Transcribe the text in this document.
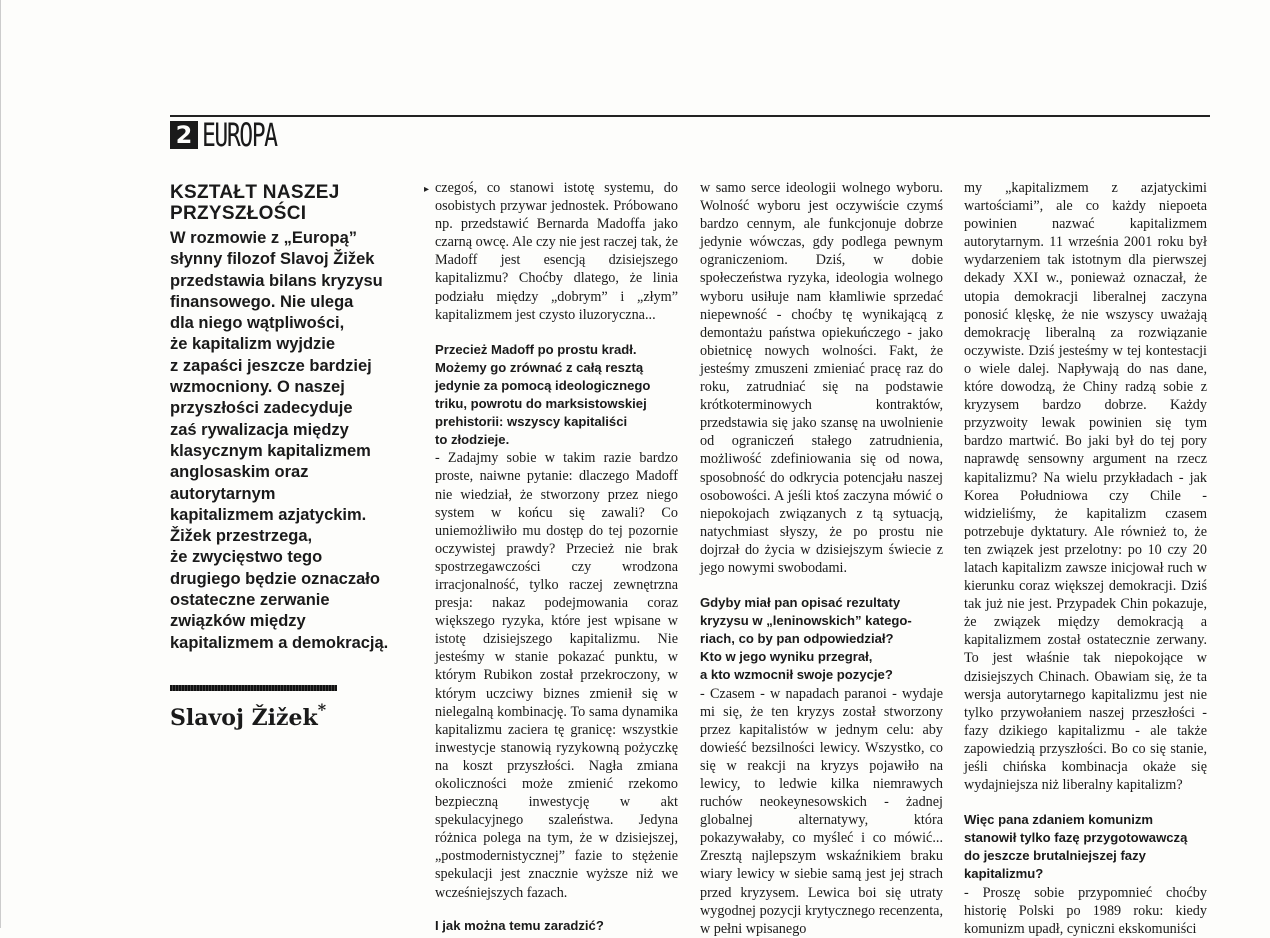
2 EUROPA
KSZTAŁT NASZEJ
PRZYSZŁOŚCI

W rozmowie z „Europą”
słynny filozof Slavoj Žižek
przedstawia bilans kryzysu
finansowego. Nie ulega
dla niego wątpliwości,
że kapitalizm wyjdzie
z zapaści jeszcze bardziej
wzmocniony. O naszej
przyszłości zadecyduje
zaś rywalizacja między
klasycznym kapitalizmem
anglosaskim oraz
autorytarnym
kapitalizmem azjatyckim.
Žižek przestrzega,
że zwycięstwo tego
drugiego będzie oznaczało
ostateczne zerwanie
związków między
kapitalizmem a demokracją.

Slavoj Žižek*
▸ czegoś, co stanowi istotę systemu, do osobistych przywar jednostek. Próbowano np. przedstawić Bernarda Madoffa jako czarną owcę. Ale czy nie jest raczej tak, że Madoff jest esencją dzisiejszego kapitalizmu? Choćby dlatego, że linia podziału między „dobrym” i „złym” kapitalizmem jest czysto iluzoryczna...

Przecież Madoff po prostu kradł.
Możemy go zrównać z całą resztą
jedynie za pomocą ideologicznego
triku, powrotu do marksistowskiej
prehistorii: wszyscy kapitaliści
to złodzieje.

- Zadajmy sobie w takim razie bardzo proste, naiwne pytanie: dlaczego Madoff nie wiedział, że stworzony przez niego system w końcu się zawali? Co uniemożliwiło mu dostęp do tej pozornie oczywistej prawdy? Przecież nie brak spostrzegawczości czy wrodzona irracjonalność, tylko raczej zewnętrzna presja: nakaz podejmowania coraz większego ryzyka, które jest wpisane w istotę dzisiejszego kapitalizmu. Nie jesteśmy w stanie pokazać punktu, w którym Rubikon został przekroczony, w którym uczciwy biznes zmienił się w nielegalną kombinację. To sama dynamika kapitalizmu zaciera tę granicę: wszystkie inwestycje stanowią ryzykowną pożyczkę na koszt przyszłości. Nagła zmiana okoliczności może zmienić rzekomo bezpieczną inwestycję w akt spekulacyjnego szaleństwa. Jedyna różnica polega na tym, że w dzisiejszej, „postmodernistycznej” fazie to stężenie spekulacji jest znacznie wyższe niż we wcześniejszych fazach.

I jak można temu zaradzić?

w samo serce ideologii wolnego wyboru. Wolność wyboru jest oczywiście czymś bardzo cennym, ale funkcjonuje dobrze jedynie wówczas, gdy podlega pewnym ograniczeniom. Dziś, w dobie społeczeństwa ryzyka, ideologia wolnego wyboru usiłuje nam kłamliwie sprzedać niepewność - choćby tę wynikającą z demontażu państwa opiekuńczego - jako obietnicę nowych wolności. Fakt, że jesteśmy zmuszeni zmieniać pracę raz do roku, zatrudniać się na podstawie krótkoterminowych kontraktów, przedstawia się jako szansę na uwolnienie od ograniczeń stałego zatrudnienia, możliwość zdefiniowania się od nowa, sposobność do odkrycia potencjału naszej osobowości. A jeśli ktoś zaczyna mówić o niepokojach związanych z tą sytuacją, natychmiast słyszy, że po prostu nie dojrzał do życia w dzisiejszym świecie z jego nowymi swobodami.

Gdyby miał pan opisać rezultaty
kryzysu w „leninowskich” katego-
riach, co by pan odpowiedział?
Kto w jego wyniku przegrał,
a kto wzmocnił swoje pozycje?

- Czasem - w napadach paranoi - wydaje mi się, że ten kryzys został stworzony przez kapitalistów w jednym celu: aby dowieść bezsilności lewicy. Wszystko, co się w reakcji na kryzys pojawiło na lewicy, to ledwie kilka niemrawych ruchów neokeynesowskich - żadnej globalnej alternatywy, która pokazywałaby, co myśleć i co mówić... Zresztą najlepszym wskaźnikiem braku wiary lewicy w siebie samą jest jej strach przed kryzysem. Lewica boi się utraty wygodnej pozycji krytycznego recenzenta, w pełni wpisanego

my „kapitalizmem z azjatyckimi wartościami”, ale co każdy niepoeta powinien nazwać kapitalizmem autorytarnym. 11 września 2001 roku był wydarzeniem tak istotnym dla pierwszej dekady XXI w., ponieważ oznaczał, że utopia demokracji liberalnej zaczyna ponosić klęskę, że nie wszyscy uważają demokrację liberalną za rozwiązanie oczywiste. Dziś jesteśmy w tej kontestacji o wiele dalej. Napływają do nas dane, które dowodzą, że Chiny radzą sobie z kryzysem bardzo dobrze. Każdy przyzwoity lewak powinien się tym bardzo martwić. Bo jaki był do tej pory naprawdę sensowny argument na rzecz kapitalizmu? Na wielu przykładach - jak Korea Południowa czy Chile - widzieliśmy, że kapitalizm czasem potrzebuje dyktatury. Ale również to, że ten związek jest przelotny: po 10 czy 20 latach kapitalizm zawsze inicjował ruch w kierunku coraz większej demokracji. Dziś tak już nie jest. Przypadek Chin pokazuje, że związek między demokracją a kapitalizmem został ostatecznie zerwany. To jest właśnie tak niepokojące w dzisiejszych Chinach. Obawiam się, że ta wersja autorytarnego kapitalizmu jest nie tylko przywołaniem naszej przeszłości - fazy dzikiego kapitalizmu - ale także zapowiedzią przyszłości. Bo co się stanie, jeśli chińska kombinacja okaże się wydajniejsza niż liberalny kapitalizm?

Więc pana zdaniem komunizm
stanowił tylko fazę przygotowawczą
do jeszcze brutalniejszej fazy
kapitalizmu?

- Proszę sobie przypomnieć choćby historię Polski po 1989 roku: kiedy komunizm upadł, cyniczni ekskomuniści
